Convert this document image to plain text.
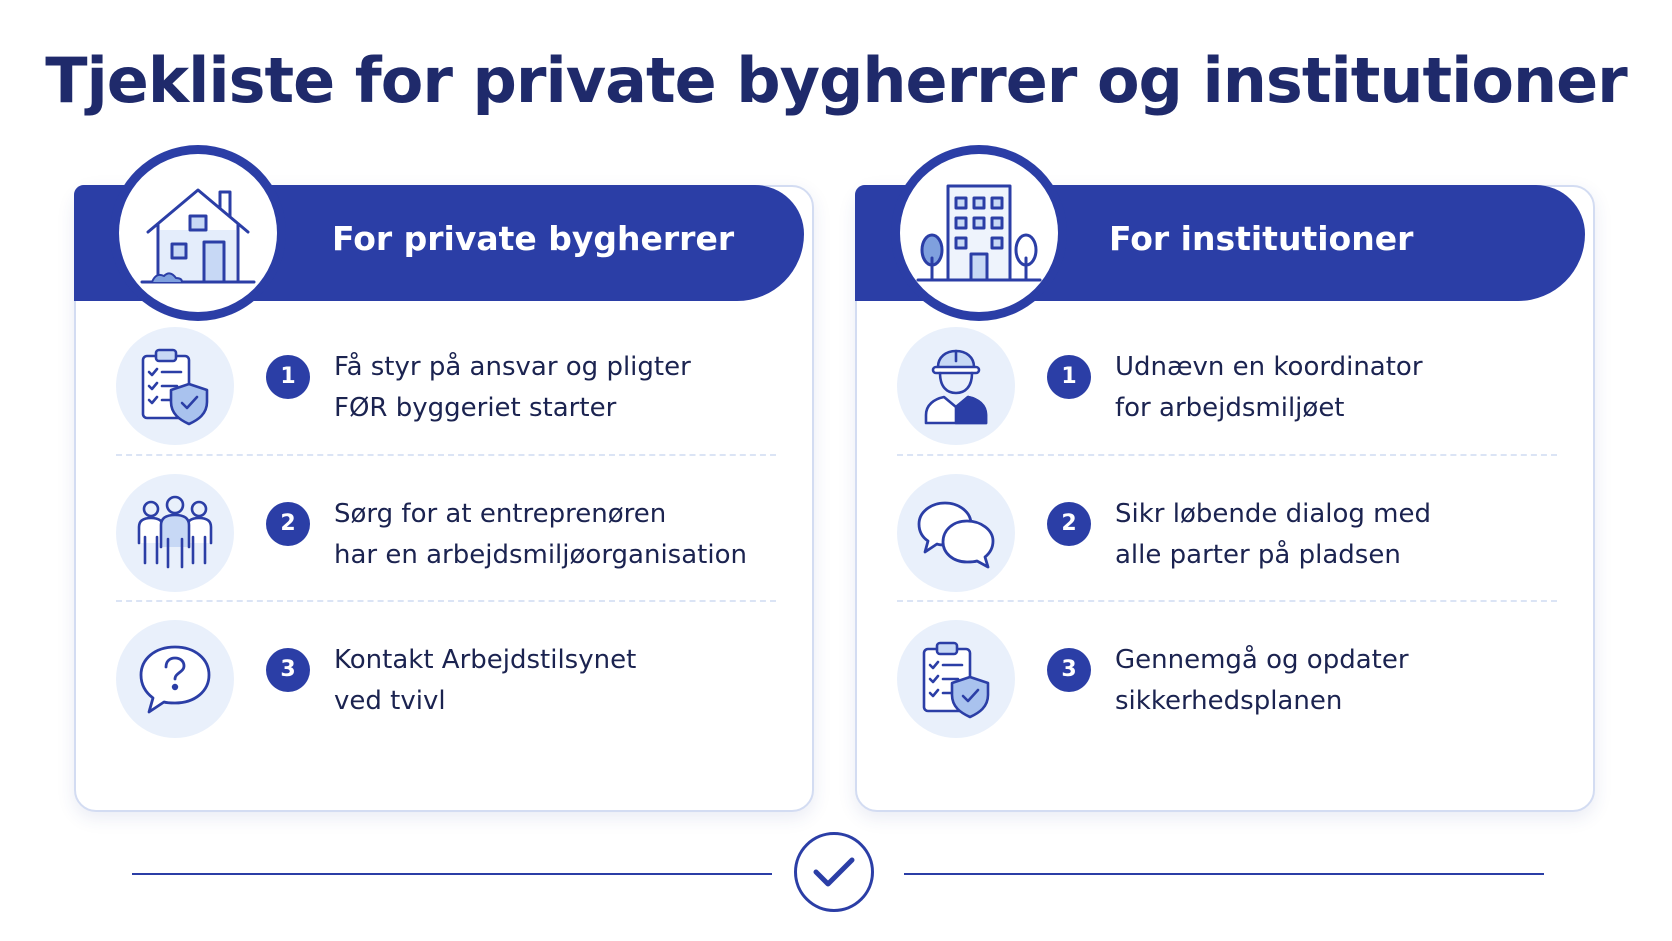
Tjekliste for private bygherrer og institutioner
For private bygherrer
1	Få styr på ansvar og pligter
FØR byggeriet starter
2	Sørg for at entreprenøren
har en arbejdsmiljøorganisation
3	Kontakt Arbejdstilsynet
ved tvivl
For institutioner
1	Udnævn en koordinator
for arbejdsmiljøet
2	Sikr løbende dialog med
alle parter på pladsen
3	Gennemgå og opdater
sikkerhedsplanen
